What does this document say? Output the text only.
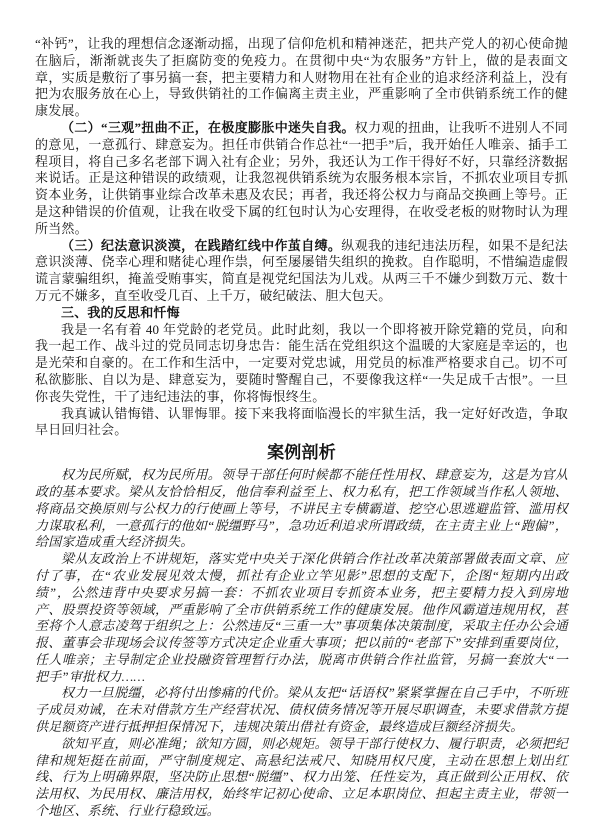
“补钙”，让我的理想信念逐渐动摇，出现了信仰危机和精神迷茫，把共产党人的初心使命抛在脑后，渐渐就丧失了拒腐防变的免疫力。在贯彻中央“为农服务”方针上，做的是表面文章，实质是敷衍了事另搞一套，把主要精力和人财物用在社有企业的追求经济利益上，没有把为农服务放在心上，导致供销社的工作偏离主责主业，严重影响了全市供销系统工作的健康发展。

（二）“三观”扭曲不正，在极度膨胀中迷失自我。权力观的扭曲，让我听不进别人不同的意见，一意孤行、肆意妄为。担任市供销合作总社“一把手”后，我开始任人唯亲、插手工程项目，将自己多名老部下调入社有企业；另外，我还认为工作干得好不好，只靠经济数据来说话。正是这种错误的政绩观，让我忽视供销系统为农服务根本宗旨，不抓农业项目专抓资本业务，让供销事业综合改革未惠及农民；再者，我还将公权力与商品交换画上等号。正是这种错误的价值观，让我在收受下属的红包时认为心安理得，在收受老板的财物时认为理所当然。

（三）纪法意识淡漠，在践踏红线中作茧自缚。纵观我的违纪违法历程，如果不是纪法意识淡薄、侥幸心理和赌徒心理作祟，何至屡屡错失组织的挽救。自作聪明，不惜编造虚假谎言蒙骗组织，掩盖受贿事实，简直是视党纪国法为儿戏。从两三千不嫌少到数万元、数十万元不嫌多，直至收受几百、上千万，破纪破法、胆大包天。

三、我的反思和忏悔

我是一名有着 40 年党龄的老党员。此时此刻，我以一个即将被开除党籍的党员，向和我一起工作、战斗过的党员同志切身忠告：能生活在党组织这个温暖的大家庭是幸运的，也是光荣和自豪的。在工作和生活中，一定要对党忠诚，用党员的标准严格要求自己。切不可私欲膨胀、自以为是、肆意妄为，要随时警醒自己，不要像我这样“一失足成千古恨”。一旦你丧失党性，干了违纪违法的事，你将悔恨终生。

我真诚认错悔错、认罪悔罪。接下来我将面临漫长的牢狱生活，我一定好好改造，争取早日回归社会。

案例剖析

权为民所赋，权为民所用。领导干部任何时候都不能任性用权、肆意妄为，这是为官从政的基本要求。梁从友恰恰相反，他信奉利益至上、权力私有，把工作领域当作私人领地、将商品交换原则与公权力的行使画上等号，不讲民主专横霸道、挖空心思逃避监管、滥用权力谋取私利，一意孤行的他如“脱缰野马”，急功近利追求所谓政绩，在主责主业上“跑偏”，给国家造成重大经济损失。

梁从友政治上不讲规矩，落实党中央关于深化供销合作社改革决策部署做表面文章、应付了事，在“农业发展见效太慢，抓社有企业立竿见影”思想的支配下，企图“短期内出政绩”，公然违背中央要求另搞一套：不抓农业项目专抓资本业务，把主要精力投入到房地产、股票投资等领域，严重影响了全市供销系统工作的健康发展。他作风霸道违规用权，甚至将个人意志凌驾于组织之上：公然违反“三重一大”事项集体决策制度，采取主任办公会通报、董事会非现场会议传签等方式决定企业重大事项；把以前的“老部下”安排到重要岗位，任人唯亲；主导制定企业投融资管理暂行办法，脱离市供销合作社监管，另搞一套放大“一把手”审批权力……

权力一旦脱缰，必将付出惨痛的代价。梁从友把“话语权”紧紧掌握在自己手中，不听班子成员劝诫，在未对借款方生产经营状况、债权债务情况等开展尽职调查，未要求借款方提供足额资产进行抵押担保情况下，违规决策出借社有资金，最终造成巨额经济损失。

欲知平直，则必准绳；欲知方圆，则必规矩。领导干部行使权力、履行职责，必须把纪律和规矩挺在前面，严守制度规定、高悬纪法戒尺、知晓用权尺度，主动在思想上划出红线、行为上明确界限，坚决防止思想“脱缰”、权力出笼、任性妄为，真正做到公正用权、依法用权、为民用权、廉洁用权，始终牢记初心使命、立足本职岗位、担起主责主业，带领一个地区、系统、行业行稳致远。
